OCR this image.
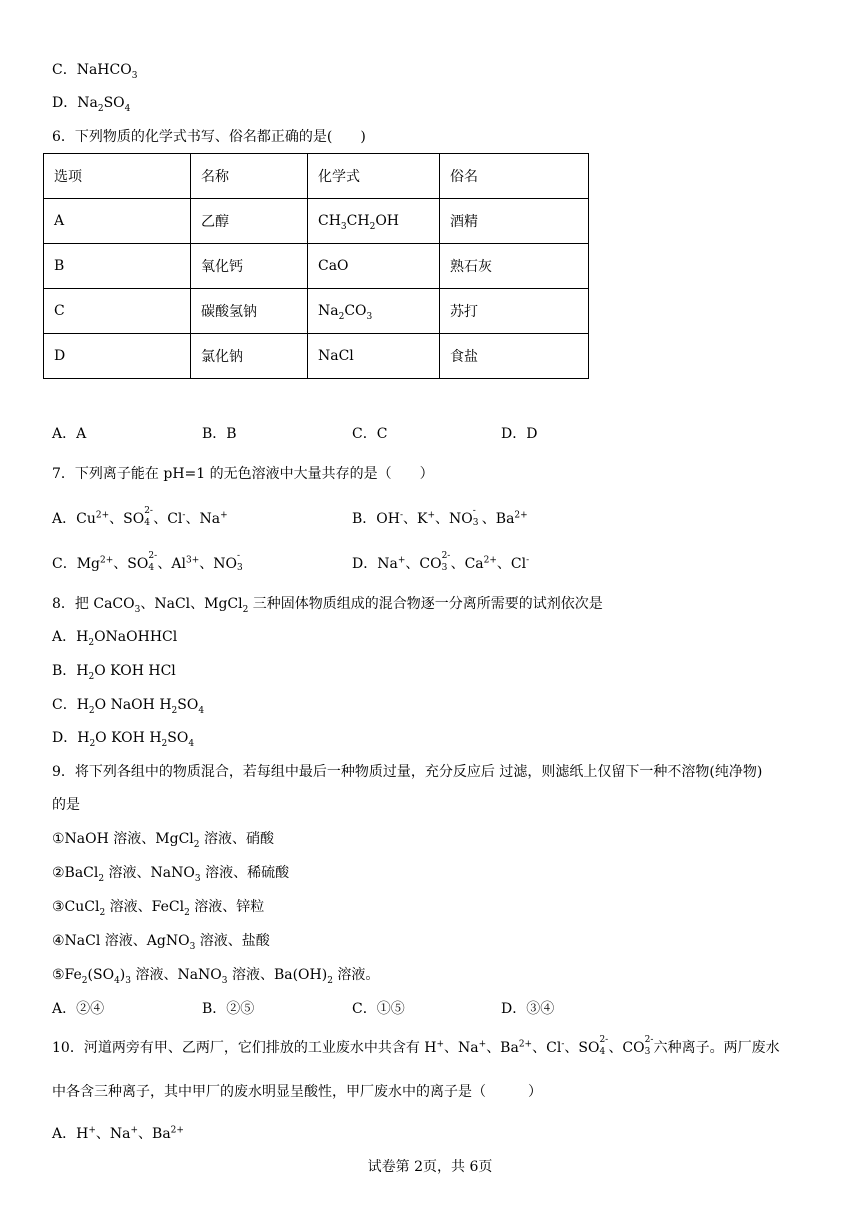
C．NaHCO$_3$
D．$Na_2SO_4$
6．下列物质的化学式书写、俗名都正确的是(　　)
选项	名称	化学式	俗名
A	乙醇	$CH_3CH_2OH$	酒精
B	氧化钙	CaO	熟石灰
C	碳酸氢钠	$Na_2CO_3$	苏打
D	氯化钠	NaCl	食盐
A．A	B．B	C．C	D．D
7．下列离子能在 pH=1 的无色溶液中大量共存的是（　　）
A．$Cu^{2+}$、SO 2-
4 、Cl-、Na+	B．OH-、K+、NO -
3 、$Ba^{2+}$
C．$Mg^{2+}$、SO 2-
4 、$Al^{3+}$、NO -
3	D．Na+、CO 2-
3 、$Ca^{2+}$、Cl-
8．把 CaCO$_3$、NaCl、MgCl$_2$ 三种固体物质组成的混合物逐一分离所需要的试剂依次是
A．$H_2ONaOHHCl$
B．$H_2O$ KOH HCl
C．$H_2O$ NaOH $H_2SO_4$
D．$H_2O$ KOH $H_2SO_4$
9．将下列各组中的物质混合，若每组中最后一种物质过量，充分反应后 过滤，则滤纸上仅留下一种不溶物(纯净物)
的是
①NaOH 溶液、MgCl$_2$ 溶液、硝酸
②BaCl$_2$ 溶液、NaNO$_3$ 溶液、稀硫酸
③CuCl$_2$ 溶液、FeCl$_2$ 溶液、锌粒
④NaCl 溶液、AgNO$_3$ 溶液、盐酸
$⑤Fe_2(SO_4)_3$ 溶液、NaNO$_3$ 溶液、$Ba(OH)_2$ 溶液。
A．②④	B．②⑤	C．①⑤	D．③④
10．河道两旁有甲、乙两厂，它们排放的工业废水中共含有 H+、Na+、$Ba^{2+}$、Cl-、SO 2-
4 、CO 2-
3 六种离子。两厂废水
中各含三种离子，其中甲厂的废水明显呈酸性，甲厂废水中的离子是（　　　）
A．H+、Na+、$Ba^{2+}$
试卷第 2页，共 6页
